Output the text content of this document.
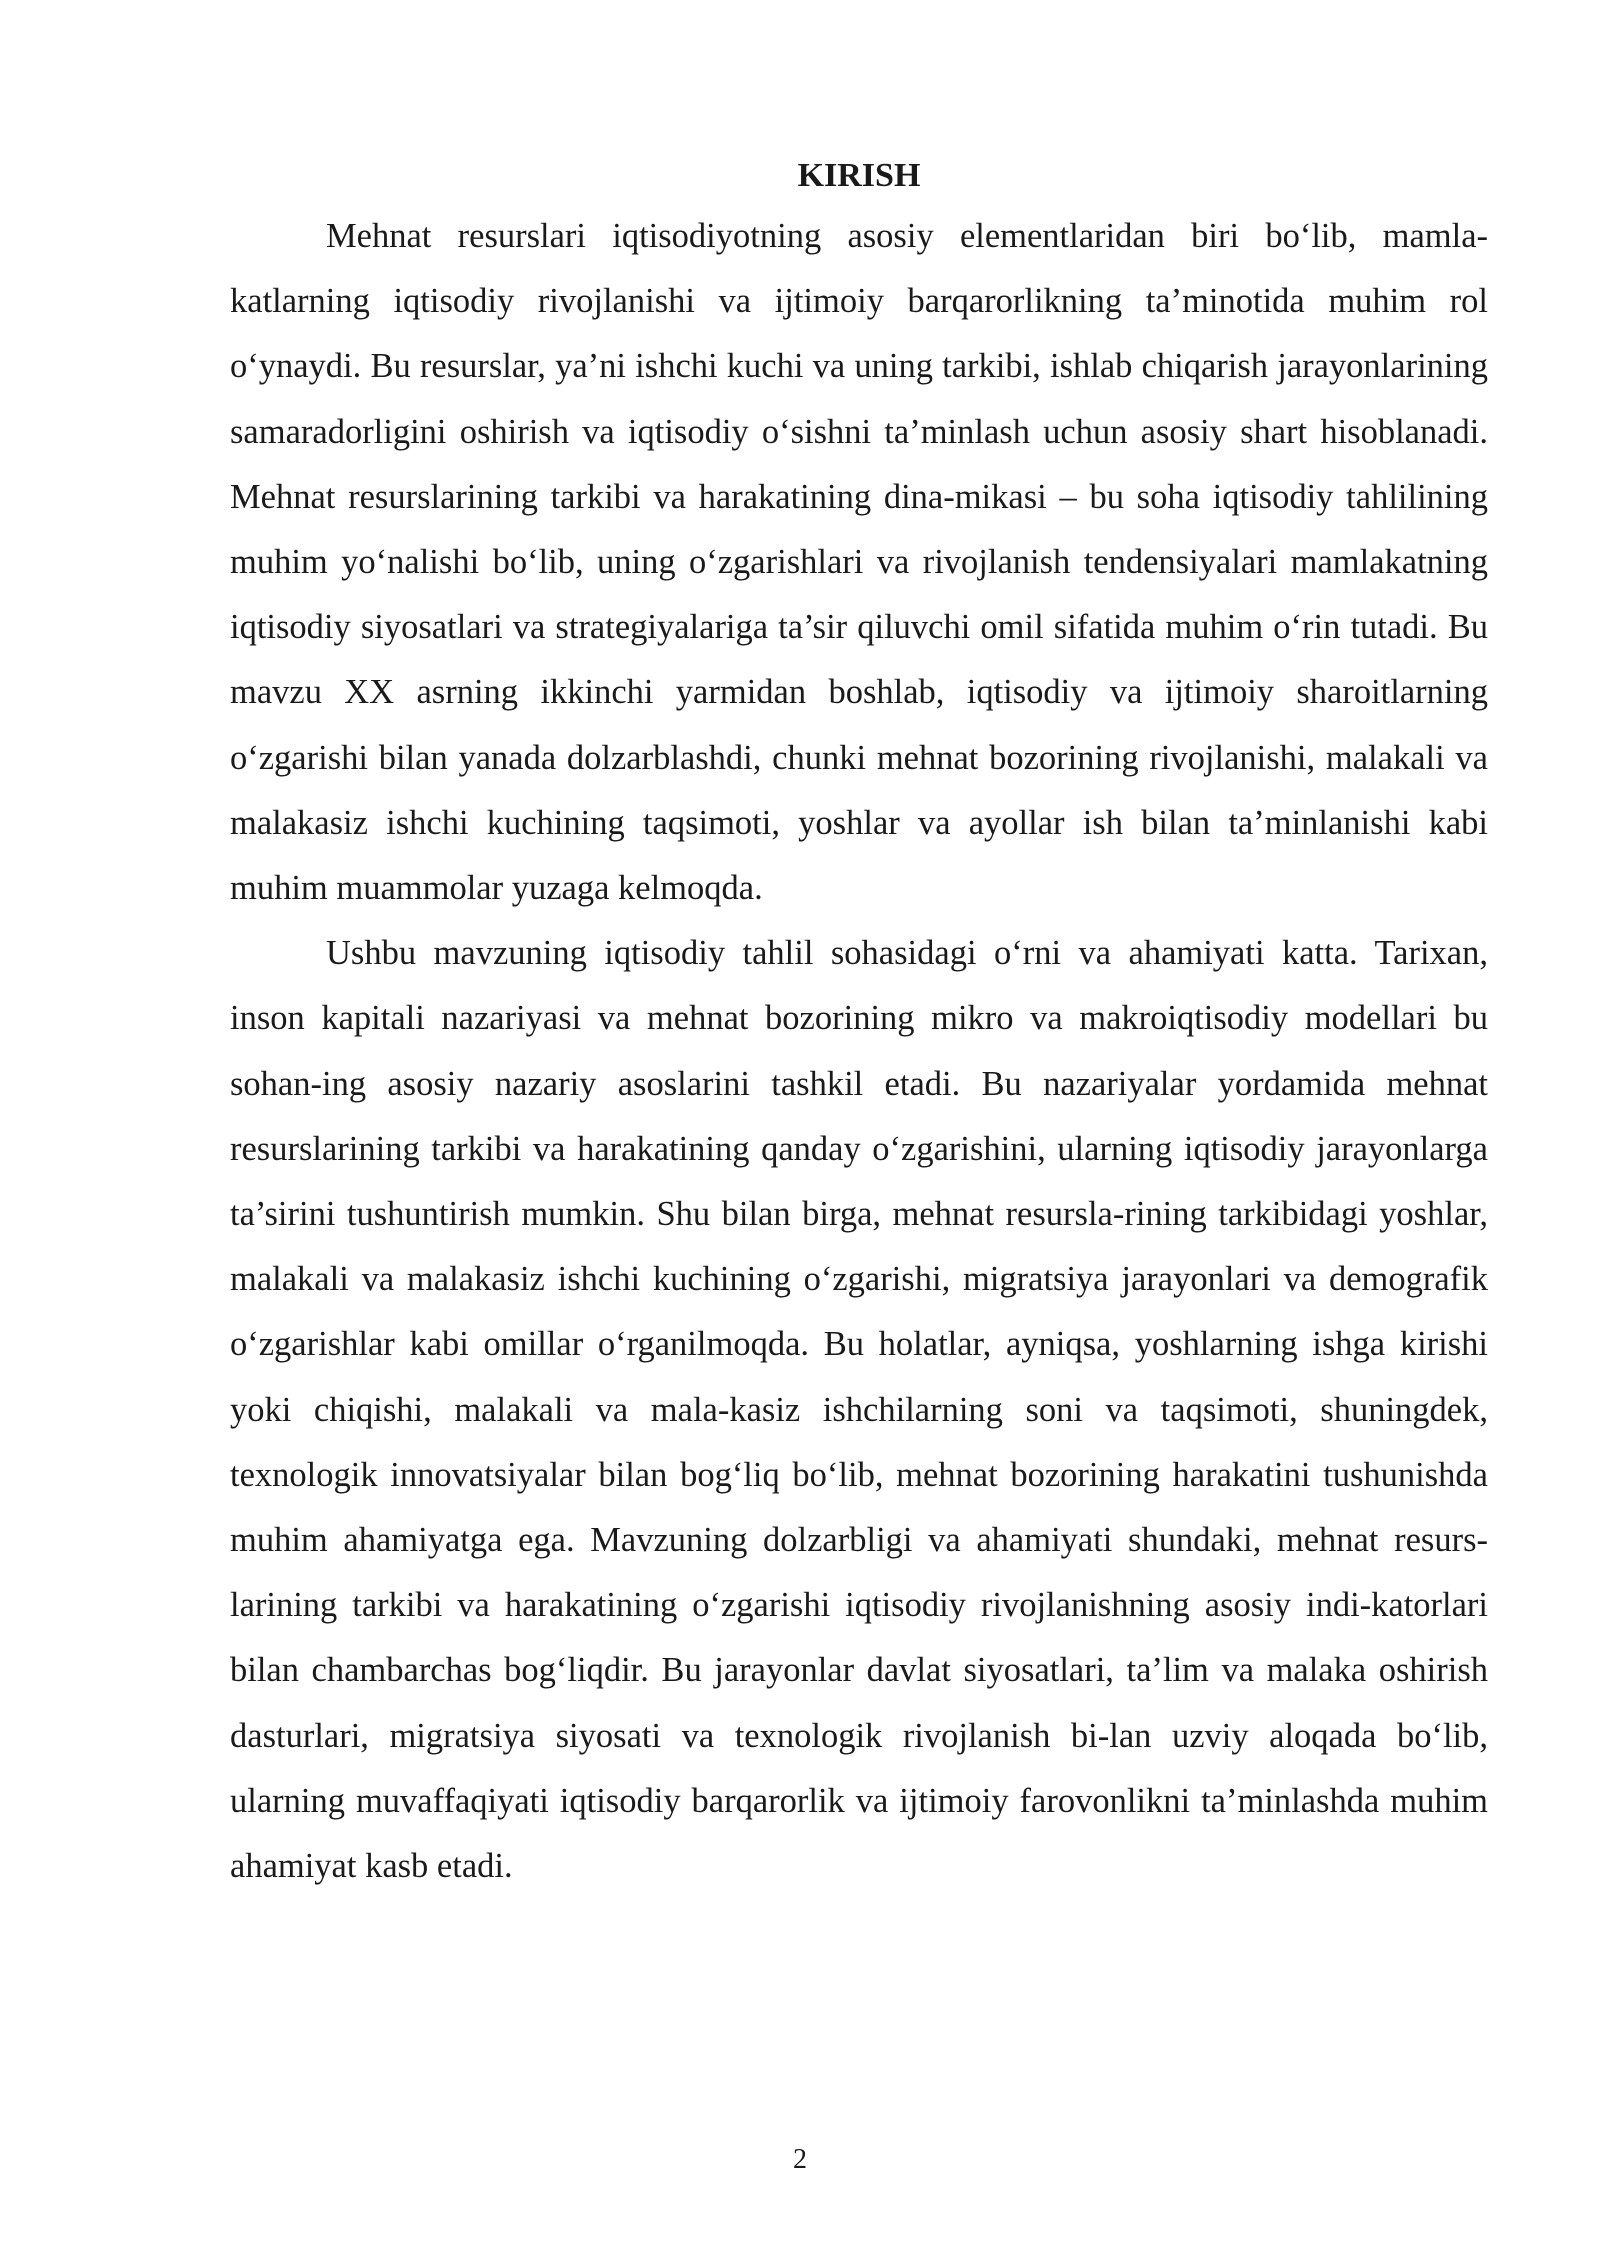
KIRISH

Mehnat resurslari iqtisodiyotning asosiy elementlaridan biri bo‘lib, mamla-katlarning iqtisodiy rivojlanishi va ijtimoiy barqarorlikning ta’minotida muhim rol o‘ynaydi. Bu resurslar, ya’ni ishchi kuchi va uning tarkibi, ishlab chiqarish jarayonlarining samaradorligini oshirish va iqtisodiy o‘sishni ta’minlash uchun asosiy shart hisoblanadi. Mehnat resurslarining tarkibi va harakatining dina-mikasi – bu soha iqtisodiy tahlilining muhim yo‘nalishi bo‘lib, uning o‘zgarishlari va rivojlanish tendensiyalari mamlakatning iqtisodiy siyosatlari va strategiyalariga ta’sir qiluvchi omil sifatida muhim o‘rin tutadi. Bu mavzu XX asrning ikkinchi yarmidan boshlab, iqtisodiy va ijtimoiy sharoitlarning o‘zgarishi bilan yanada dolzarblashdi, chunki mehnat bozorining rivojlanishi, malakali va malakasiz ishchi kuchining taqsimoti, yoshlar va ayollar ish bilan ta’minlanishi kabi muhim muammolar yuzaga kelmoqda.

Ushbu mavzuning iqtisodiy tahlil sohasidagi o‘rni va ahamiyati katta. Tarixan, inson kapitali nazariyasi va mehnat bozorining mikro va makroiqtisodiy modellari bu sohan-ing asosiy nazariy asoslarini tashkil etadi. Bu nazariyalar yordamida mehnat resurslarining tarkibi va harakatining qanday o‘zgarishini, ularning iqtisodiy jarayonlarga ta’sirini tushuntirish mumkin. Shu bilan birga, mehnat resursla-rining tarkibidagi yoshlar, malakali va malakasiz ishchi kuchining o‘zgarishi, migratsiya jarayonlari va demografik o‘zgarishlar kabi omillar o‘rganilmoqda. Bu holatlar, ayniqsa, yoshlarning ishga kirishi yoki chiqishi, malakali va mala-kasiz ishchilarning soni va taqsimoti, shuningdek, texnologik innovatsiyalar bilan bog‘liq bo‘lib, mehnat bozorining harakatini tushunishda muhim ahamiyatga ega. Mavzuning dolzarbligi va ahamiyati shundaki, mehnat resurs-larining tarkibi va harakatining o‘zgarishi iqtisodiy rivojlanishning asosiy indi-katorlari bilan chambarchas bog‘liqdir. Bu jarayonlar davlat siyosatlari, ta’lim va malaka oshirish dasturlari, migratsiya siyosati va texnologik rivojlanish bi-lan uzviy aloqada bo‘lib, ularning muvaffaqiyati iqtisodiy barqarorlik va ijtimoiy farovonlikni ta’minlashda muhim ahamiyat kasb etadi.

2
